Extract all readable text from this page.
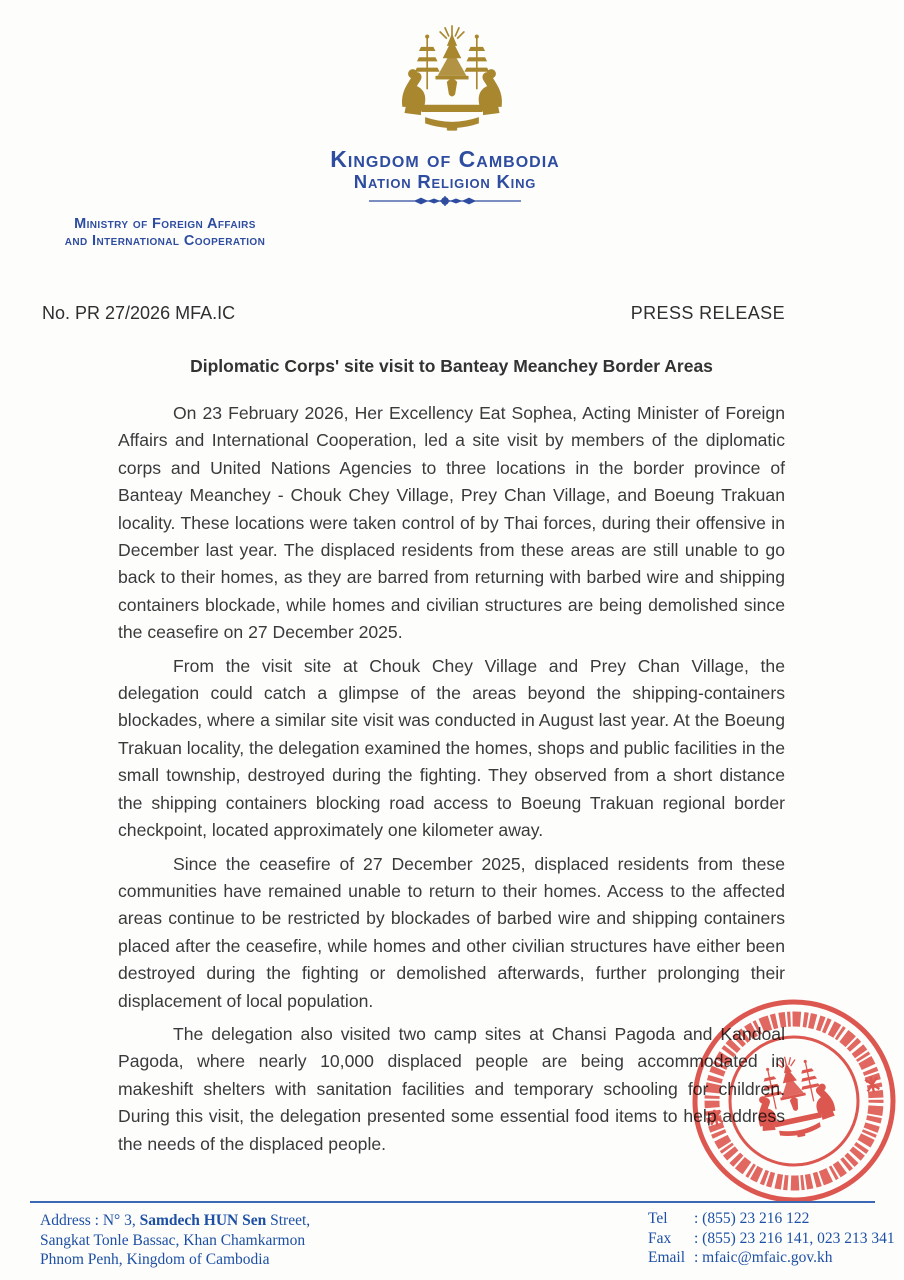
Kingdom of Cambodia
Nation Religion King
Ministry of Foreign Affairs
and International Cooperation
No. PR 27/2026 MFA.IC	PRESS RELEASE
Diplomatic Corps' site visit to Banteay Meanchey Border Areas

On 23 February 2026, Her Excellency Eat Sophea, Acting Minister of Foreign Affairs and International Cooperation, led a site visit by members of the diplomatic corps and United Nations Agencies to three locations in the border province of Banteay Meanchey - Chouk Chey Village, Prey Chan Village, and Boeung Trakuan locality. These locations were taken control of by Thai forces, during their offensive in December last year. The displaced residents from these areas are still unable to go back to their homes, as they are barred from returning with barbed wire and shipping containers blockade, while homes and civilian structures are being demolished since the ceasefire on 27 December 2025.

From the visit site at Chouk Chey Village and Prey Chan Village, the delegation could catch a glimpse of the areas beyond the shipping-containers blockades, where a similar site visit was conducted in August last year. At the Boeung Trakuan locality, the delegation examined the homes, shops and public facilities in the small township, destroyed during the fighting. They observed from a short distance the shipping containers blocking road access to Boeung Trakuan regional border checkpoint, located approximately one kilometer away.

Since the ceasefire of 27 December 2025, displaced residents from these communities have remained unable to return to their homes. Access to the affected areas continue to be restricted by blockades of barbed wire and shipping containers placed after the ceasefire, while homes and other civilian structures have either been destroyed during the fighting or demolished afterwards, further prolonging their displacement of local population.

The delegation also visited two camp sites at Chansi Pagoda and Kandoal Pagoda, where nearly 10,000 displaced people are being accommodated in makeshift shelters with sanitation facilities and temporary schooling for children. During this visit, the delegation presented some essential food items to help address the needs of the displaced people.

Address : N° 3, Samdech HUN Sen Street,
Sangkat Tonle Bassac, Khan Chamkarmon
Phnom Penh, Kingdom of Cambodia
Tel	: (855) 23 216 122
Fax	: (855) 23 216 141, 023 213 341
Email : mfaic@mfaic.gov.kh
